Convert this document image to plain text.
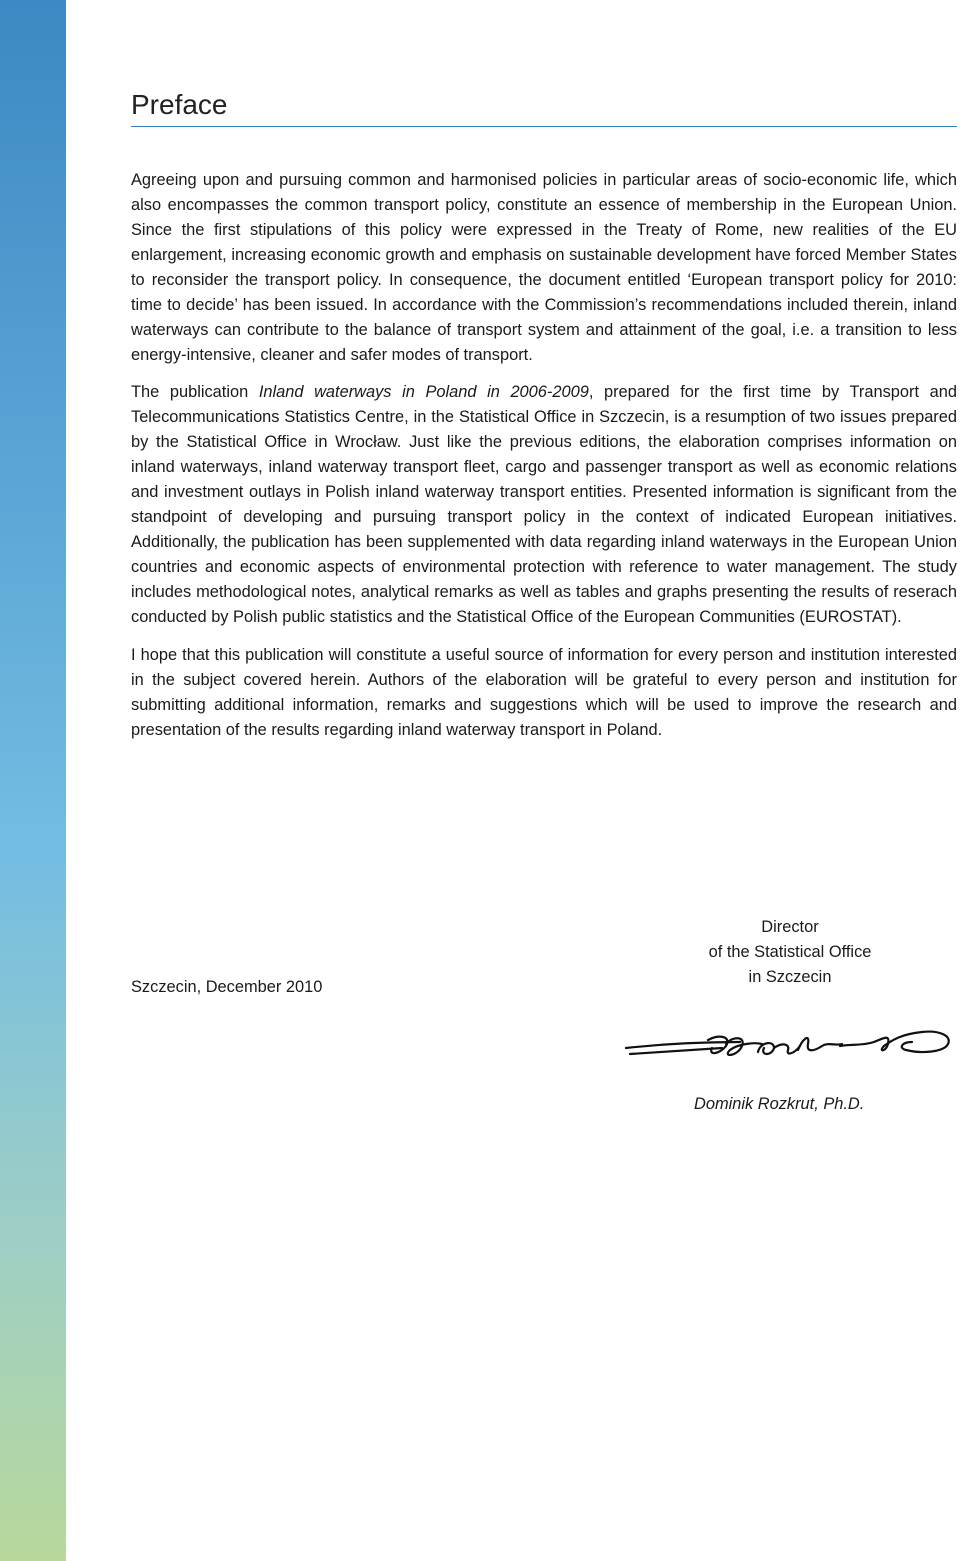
Preface

Agreeing upon and pursuing common and harmonised policies in particular areas of socio-economic life, which also encompasses the common transport policy, constitute an essence of membership in the European Union. Since the first stipulations of this policy were expressed in the Treaty of Rome, new realities of the EU enlargement, increasing economic growth and emphasis on sustainable development have forced Member States to reconsider the transport policy. In consequence, the document entitled ‘European transport policy for 2010: time to decide’ has been issued. In accordance with the Commission’s recommendations included therein, inland waterways can contribute to the balance of transport system and attainment of the goal, i.e. a transition to less energy-intensive, cleaner and safer modes of transport.

The publication Inland waterways in Poland in 2006-2009, prepared for the first time by Transport and Telecommunications Statistics Centre, in the Statistical Office in Szczecin, is a resumption of two issues prepared by the Statistical Office in Wrocław. Just like the previous editions, the elaboration comprises information on inland waterways, inland waterway transport fleet, cargo and passenger transport as well as economic relations and investment outlays in Polish inland waterway transport entities. Presented information is significant from the standpoint of developing and pursuing transport policy in the context of indicated European initiatives. Additionally, the publication has been supplemented with data regarding inland waterways in the European Union countries and economic aspects of environmental protection with reference to water management. The study includes methodological notes, analytical remarks as well as tables and graphs presenting the results of reserach conducted by Polish public statistics and the Statistical Office of the European Communities (EUROSTAT).

I hope that this publication will constitute a useful source of information for every person and institution interested in the subject covered herein. Authors of the elaboration will be grateful to every person and institution for submitting additional information, remarks and suggestions which will be used to improve the research and presentation of the results regarding inland waterway transport in Poland.

Szczecin, December 2010
Director
of the Statistical Office
in Szczecin
Dominik Rozkrut, Ph.D.
